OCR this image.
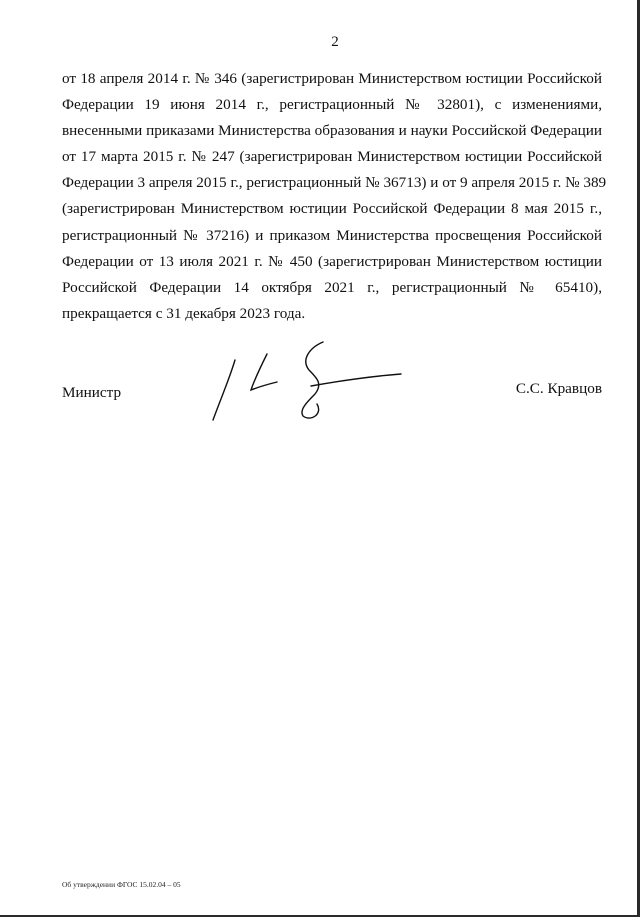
2
от 18 апреля 2014 г. № 346 (зарегистрирован Министерством юстиции Российской
Федерации 19 июня 2014 г., регистрационный № 32801), с изменениями,
внесенными приказами Министерства образования и науки Российской Федерации
от 17 марта 2015 г. № 247 (зарегистрирован Министерством юстиции Российской
Федерации 3 апреля 2015 г., регистрационный № 36713) и от 9 апреля 2015 г. № 389
(зарегистрирован Министерством юстиции Российской Федерации 8 мая 2015 г.,
регистрационный № 37216) и приказом Министерства просвещения Российской
Федерации от 13 июля 2021 г. № 450 (зарегистрирован Министерством юстиции
Российской Федерации 14 октября 2021 г., регистрационный № 65410),
прекращается с 31 декабря 2023 года.
Министр	С.С. Кравцов
Об утверждении ФГОС 15.02.04 – 05
